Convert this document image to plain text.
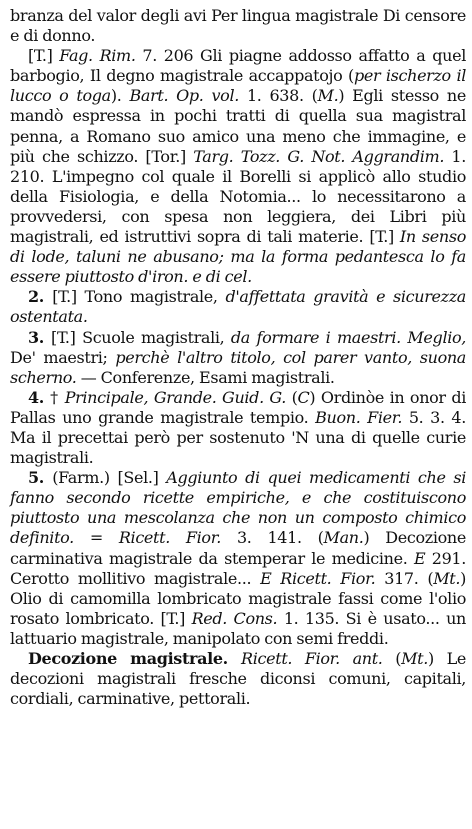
branza del valor degli avi Per lingua magistrale Di censore e di donno.

[T.] Fag. Rim. 7. 206 Gli piagne addosso affatto a quel barbogio, Il degno magistrale accappatojo (per ischerzo il lucco o toga). Bart. Op. vol. 1. 638. (M.) Egli stesso ne mandò espressa in pochi tratti di quella sua magistral penna, a Romano suo amico una meno che immagine, e più che schizzo. [Tor.] Targ. Tozz. G. Not. Aggrandim. 1. 210. L'impegno col quale il Borelli si applicò allo studio della Fisiologia, e della Notomia... lo necessitarono a provvedersi, con spesa non leggiera, dei Libri più magistrali, ed istruttivi sopra di tali materie. [T.] In senso di lode, taluni ne abusano; ma la forma pedantesca lo fa essere piuttosto d'iron. e di cel.

2. [T.] Tono magistrale, d'affettata gravità e sicurezza ostentata.

3. [T.] Scuole magistrali, da formare i maestri. Meglio, De' maestri; perchè l'altro titolo, col parer vanto, suona scherno. — Conferenze, Esami magistrali.

4. † Principale, Grande. Guid. G. (C) Ordinòe in onor di Pallas uno grande magistrale tempio. Buon. Fier. 5. 3. 4. Ma il precettai però per sostenuto 'N una di quelle curie magistrali.

5. (Farm.) [Sel.] Aggiunto di quei medicamenti che si fanno secondo ricette empiriche, e che costituiscono piuttosto una mescolanza che non un composto chimico definito. = Ricett. Fior. 3. 141. (Man.) Decozione carminativa magistrale da stemperar le medicine. E 291. Cerotto mollitivo magistrale... E Ricett. Fior. 317. (Mt.) Olio di camomilla lombricato magistrale fassi come l'olio rosato lombricato. [T.] Red. Cons. 1. 135. Si è usato... un lattuario magistrale, manipolato con semi freddi.

Decozione magistrale. Ricett. Fior. ant. (Mt.) Le decozioni magistrali fresche diconsi comuni, capitali, cordiali, carminative, pettorali.
